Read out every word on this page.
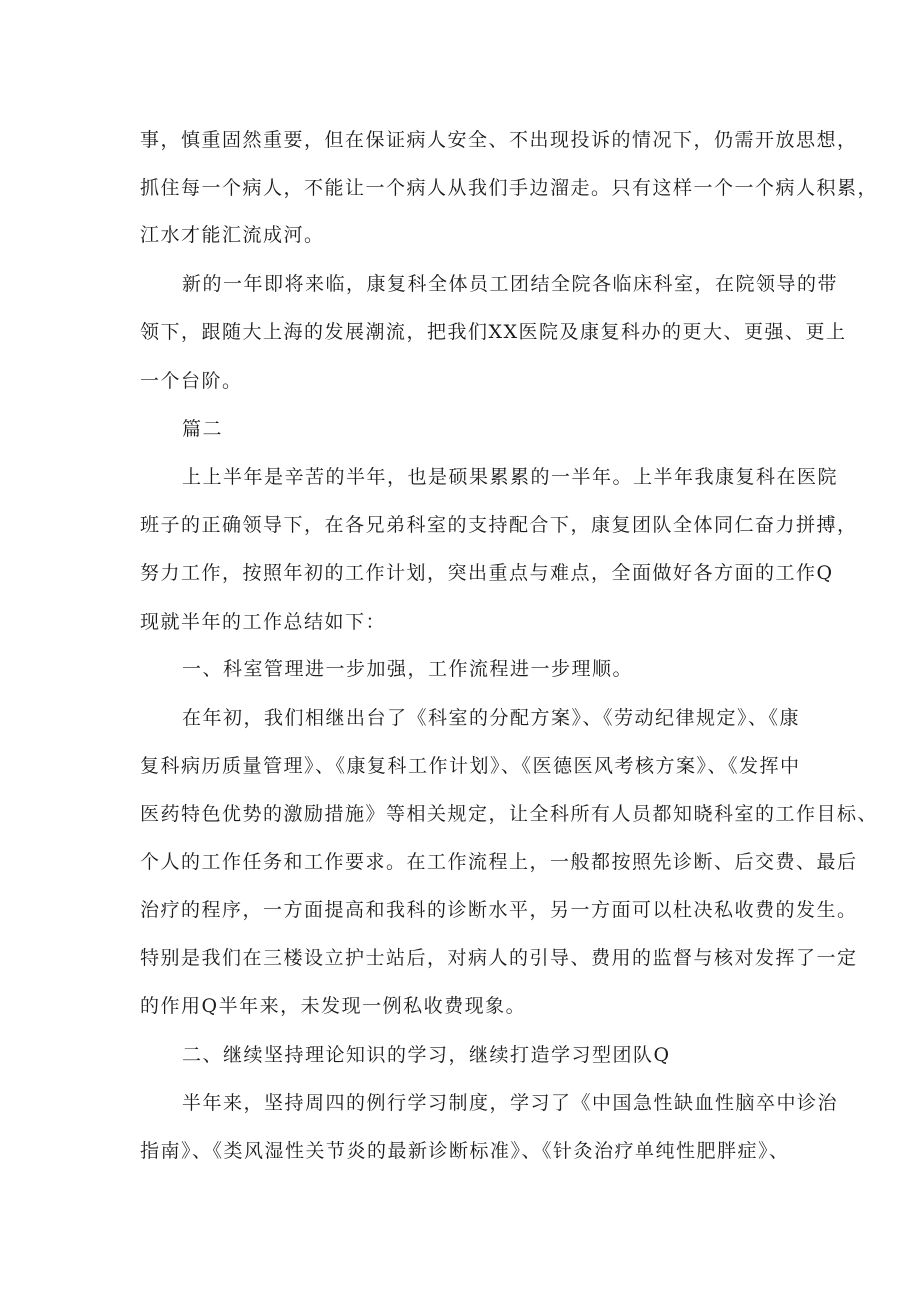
事，慎重固然重要，但在保证病人安全、不出现投诉的情况下，仍需开放思想，
抓住每一个病人，不能让一个病人从我们手边溜走。只有这样一个一个病人积累，
江水才能汇流成河。
新的一年即将来临，康复科全体员工团结全院各临床科室，在院领导的带
领下，跟随大上海的发展潮流，把我们XX医院及康复科办的更大、更强、更上
一个台阶。
篇二
上上半年是辛苦的半年，也是硕果累累的一半年。上半年我康复科在医院
班子的正确领导下，在各兄弟科室的支持配合下，康复团队全体同仁奋力拼搏，
努力工作，按照年初的工作计划，突出重点与难点，全面做好各方面的工作Q
现就半年的工作总结如下：
一、科室管理进一步加强，工作流程进一步理顺。
在年初，我们相继出台了《科室的分配方案》、《劳动纪律规定》、《康
复科病历质量管理》、《康复科工作计划》、《医德医风考核方案》、《发挥中
医药特色优势的激励措施》等相关规定，让全科所有人员都知晓科室的工作目标、
个人的工作任务和工作要求。在工作流程上，一般都按照先诊断、后交费、最后
治疗的程序，一方面提高和我科的诊断水平，另一方面可以杜决私收费的发生。
特别是我们在三楼设立护士站后，对病人的引导、费用的监督与核对发挥了一定
的作用Q半年来，未发现一例私收费现象。
二、继续坚持理论知识的学习，继续打造学习型团队Q
半年来，坚持周四的例行学习制度，学习了《中国急性缺血性脑卒中诊治
指南》、《类风湿性关节炎的最新诊断标准》、《针灸治疗单纯性肥胖症》、
